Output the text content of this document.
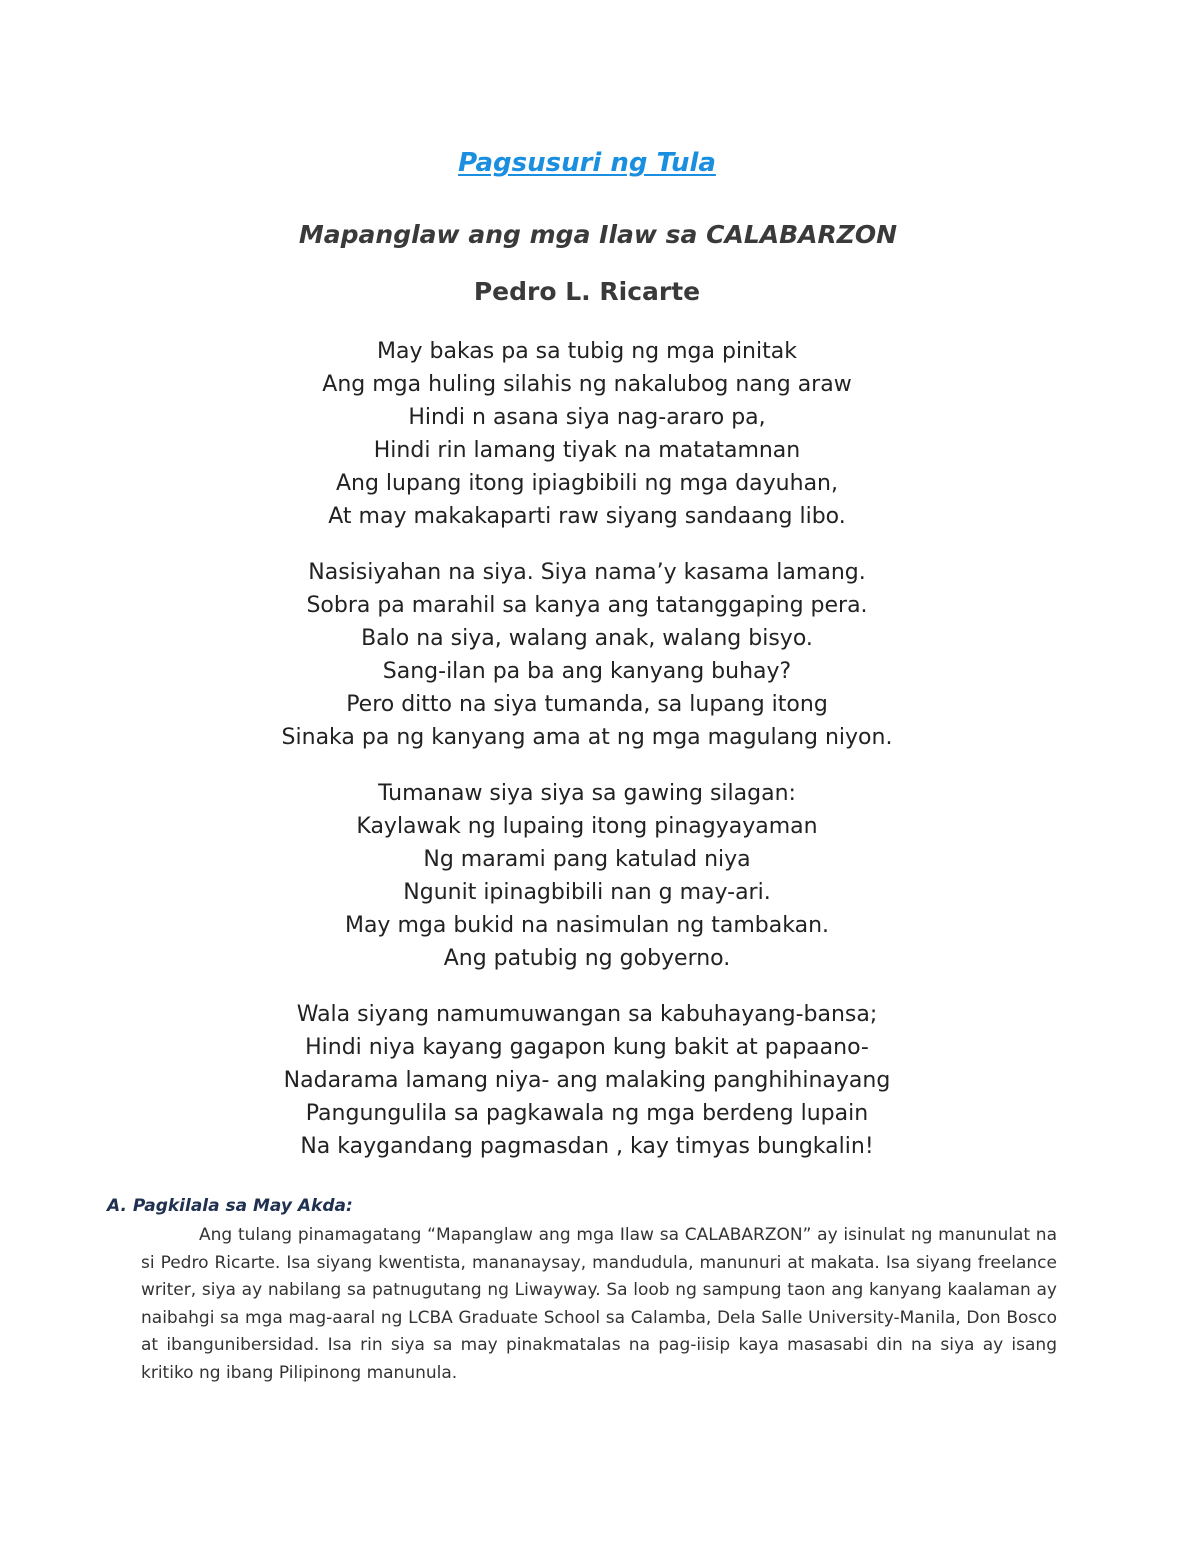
Pagsusuri ng Tula
Mapanglaw ang mga Ilaw sa CALABARZON
Pedro L. Ricarte
May bakas pa sa tubig ng mga pinitak
Ang mga huling silahis ng nakalubog nang araw
Hindi n asana siya nag-araro pa,
Hindi rin lamang tiyak na matatamnan
Ang lupang itong ipiagbibili ng mga dayuhan,
At may makakaparti raw siyang sandaang libo.
Nasisiyahan na siya. Siya nama’y kasama lamang.
Sobra pa marahil sa kanya ang tatanggaping pera.
Balo na siya, walang anak, walang bisyo.
Sang-ilan pa ba ang kanyang buhay?
Pero ditto na siya tumanda, sa lupang itong
Sinaka pa ng kanyang ama at ng mga magulang niyon.
Tumanaw siya siya sa gawing silagan:
Kaylawak ng lupaing itong pinagyayaman
Ng marami pang katulad niya
Ngunit ipinagbibili nan g may-ari.
May mga bukid na nasimulan ng tambakan.
Ang patubig ng gobyerno.
Wala siyang namumuwangan sa kabuhayang-bansa;
Hindi niya kayang gagapon kung bakit at papaano-
Nadarama lamang niya- ang malaking panghihinayang
Pangungulila sa pagkawala ng mga berdeng lupain
Na kaygandang pagmasdan , kay timyas bungkalin!
A. Pagkilala sa May Akda:

Ang tulang pinamagatang “Mapanglaw ang mga Ilaw sa CALABARZON” ay isinulat ng manunulat na si Pedro Ricarte. Isa siyang kwentista, mananaysay, mandudula, manunuri at makata. Isa siyang freelance writer, siya ay nabilang sa patnugutang ng Liwayway. Sa loob ng sampung taon ang kanyang kaalaman ay naibahgi sa mga mag-aaral ng LCBA Graduate School sa Calamba, Dela Salle University-Manila, Don Bosco at ibangunibersidad. Isa rin siya sa may pinakmatalas na pag-iisip kaya masasabi din na siya ay isang kritiko ng ibang Pilipinong manunula.
